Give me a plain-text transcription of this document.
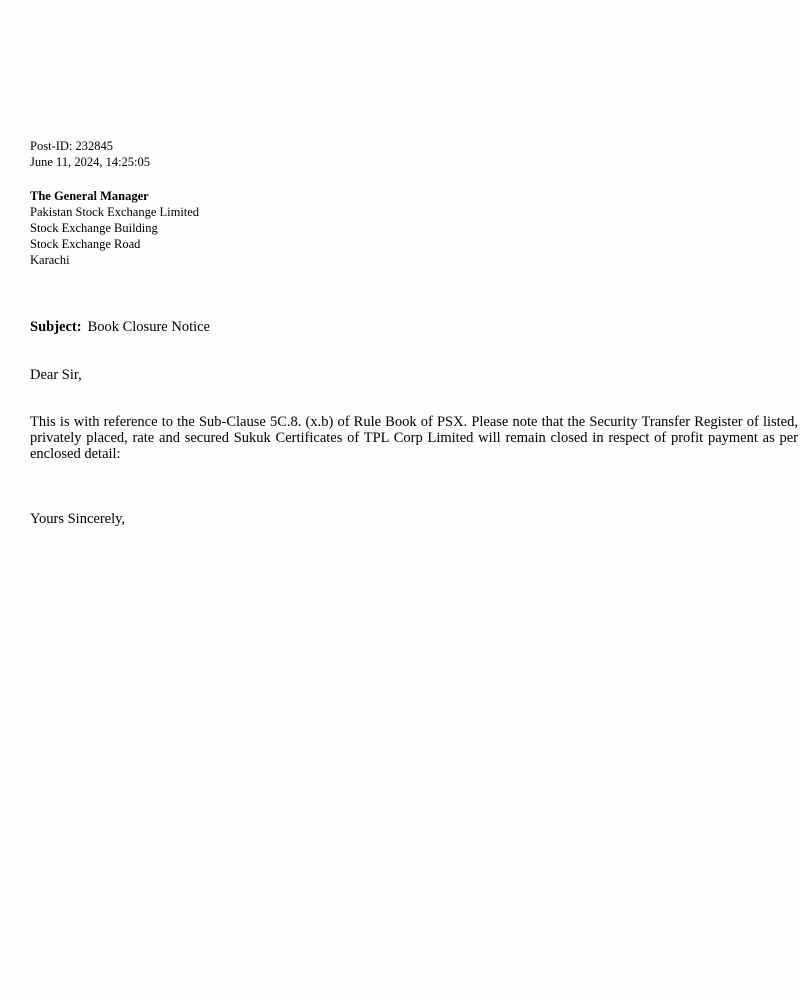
Post-ID: 232845
June 11, 2024, 14:25:05
The General Manager
Pakistan Stock Exchange Limited
Stock Exchange Building
Stock Exchange Road
Karachi
Subject: Book Closure Notice
Dear Sir,
This is with reference to the Sub-Clause 5C.8. (x.b) of Rule Book of PSX. Please note that the Security Transfer Register of listed, privately placed, rate and secured Sukuk Certificates of TPL Corp Limited will remain closed in respect of profit payment as per enclosed detail:
Yours Sincerely,
